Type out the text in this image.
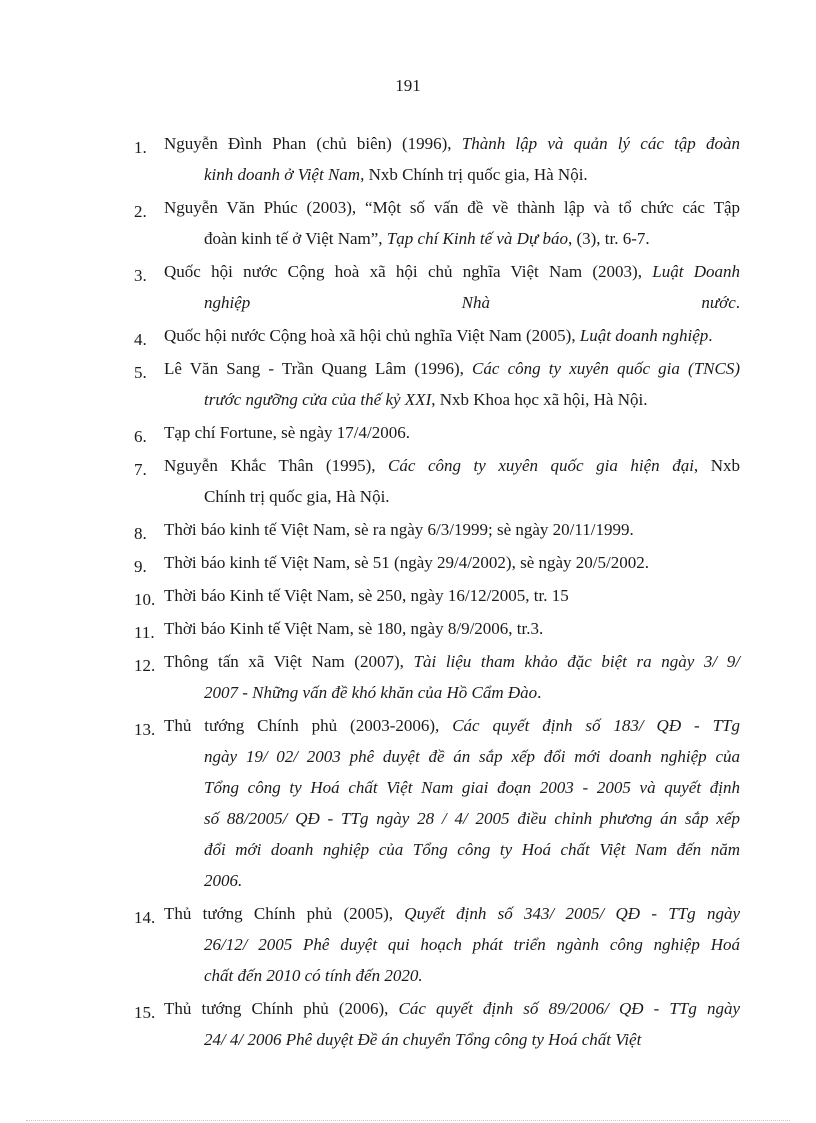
191
1.	Nguyễn Đình Phan (chủ biên) (1996), Thành lập và quản lý các tập đoàn
kinh doanh ở Việt Nam, Nxb Chính trị quốc gia, Hà Nội.
2.	Nguyễn Văn Phúc (2003), “Một số vấn đề về thành lập và tổ chức các Tập
đoàn kinh tế ở Việt Nam”, Tạp chí Kinh tế và Dự báo, (3), tr. 6-7.
3.	Quốc hội nước Cộng hoà xã hội chủ nghĩa Việt Nam (2003), Luật Doanh
nghiệp Nhà nước.
4.	Quốc hội nước Cộng hoà xã hội chủ nghĩa Việt Nam (2005), Luật doanh nghiệp.
5.	Lê Văn Sang - Trần Quang Lâm (1996), Các công ty xuyên quốc gia (TNCS)
trước ngưỡng cửa của thế kỷ XXI, Nxb Khoa học xã hội, Hà Nội.
6.	Tạp chí Fortune, sè ngày 17/4/2006.
7.	Nguyễn Khắc Thân (1995), Các công ty xuyên quốc gia hiện đại, Nxb
Chính trị quốc gia, Hà Nội.
8.	Thời báo kinh tế Việt Nam, sè ra ngày 6/3/1999; sè ngày 20/11/1999.
9.	Thời báo kinh tế Việt Nam, sè 51 (ngày 29/4/2002), sè ngày 20/5/2002.
10. Thời báo Kinh tế Việt Nam, sè 250, ngày 16/12/2005, tr. 15
11. Thời báo Kinh tế Việt Nam, sè 180, ngày 8/9/2006, tr.3.
12. Thông tấn xã Việt Nam (2007), Tài liệu tham khảo đặc biệt ra ngày 3/ 9/
2007 - Những vấn đề khó khăn của Hồ Cẩm Đào.
13. Thủ tướng Chính phủ (2003-2006), Các quyết định số 183/ QĐ - TTg
ngày 19/ 02/ 2003 phê duyệt đề án sắp xếp đổi mới doanh nghiệp của
Tổng công ty Hoá chất Việt Nam giai đoạn 2003 - 2005 và quyết định
số 88/2005/ QĐ - TTg ngày 28 / 4/ 2005 điều chỉnh phương án sắp xếp
đổi mới doanh nghiệp của Tổng công ty Hoá chất Việt Nam đến năm
2006.
14. Thủ tướng Chính phủ (2005), Quyết định số 343/ 2005/ QĐ - TTg ngày
26/12/ 2005 Phê duyệt qui hoạch phát triển ngành công nghiệp Hoá
chất đến 2010 có tính đến 2020.
15. Thủ tướng Chính phủ (2006), Các quyết định số 89/2006/ QĐ - TTg ngày
24/ 4/ 2006 Phê duyệt Đề án chuyển Tổng công ty Hoá chất Việt
